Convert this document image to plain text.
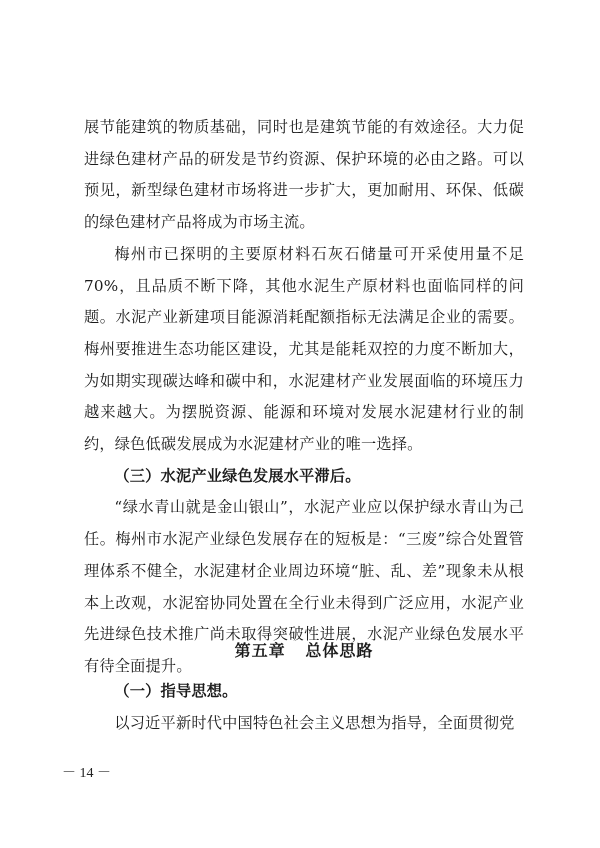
展节能建筑的物质基础，同时也是建筑节能的有效途径。大力促进绿色建材产品的研发是节约资源、保护环境的必由之路。可以预见，新型绿色建材市场将进一步扩大，更加耐用、环保、低碳的绿色建材产品将成为市场主流。

梅州市已探明的主要原材料石灰石储量可开采使用量不足70%，且品质不断下降，其他水泥生产原材料也面临同样的问题。水泥产业新建项目能源消耗配额指标无法满足企业的需要。梅州要推进生态功能区建设，尤其是能耗双控的力度不断加大，为如期实现碳达峰和碳中和，水泥建材产业发展面临的环境压力越来越大。为摆脱资源、能源和环境对发展水泥建材行业的制约，绿色低碳发展成为水泥建材产业的唯一选择。

（三）水泥产业绿色发展水平滞后。

“绿水青山就是金山银山”，水泥产业应以保护绿水青山为己任。梅州市水泥产业绿色发展存在的短板是：“三废”综合处置管理体系不健全，水泥建材企业周边环境“脏、乱、差”现象未从根本上改观，水泥窑协同处置在全行业未得到广泛应用，水泥产业先进绿色技术推广尚未取得突破性进展，水泥产业绿色发展水平有待全面提升。

第五章   总体思路

（一）指导思想。

以习近平新时代中国特色社会主义思想为指导，全面贯彻党

－ 14 －
